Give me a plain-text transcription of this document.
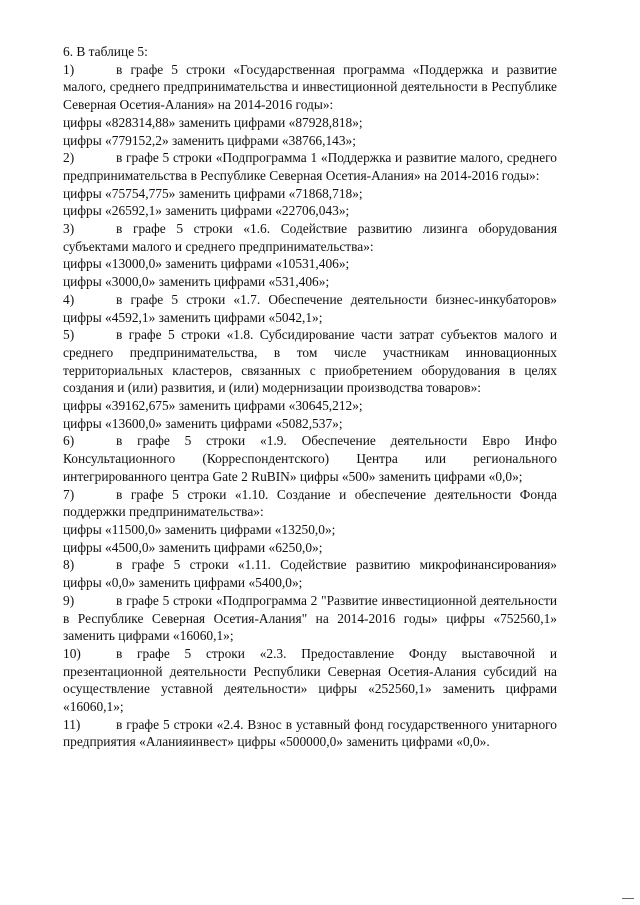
6. В таблице 5:

1)	в графе 5 строки «Государственная программа «Поддержка и развитие малого, среднего предпринимательства и инвестиционной деятельности в Республике Северная Осетия-Алания» на 2014-2016 годы»:

цифры «828314,88» заменить цифрами «87928,818»;

цифры «779152,2» заменить цифрами «38766,143»;

2)	в графе 5 строки «Подпрограмма 1 «Поддержка и развитие малого, среднего предпринимательства в Республике Северная Осетия-Алания» на 2014-2016 годы»:

цифры «75754,775» заменить цифрами «71868,718»;

цифры «26592,1» заменить цифрами «22706,043»;

3)	в графе 5 строки «1.6. Содействие развитию лизинга оборудования субъектами малого и среднего предпринимательства»:

цифры «13000,0» заменить цифрами «10531,406»;

цифры «3000,0» заменить цифрами «531,406»;

4)	в графе 5 строки «1.7. Обеспечение деятельности бизнес-инкубаторов» цифры «4592,1» заменить цифрами «5042,1»;

5)	в графе 5 строки «1.8. Субсидирование части затрат субъектов малого и среднего предпринимательства, в том числе участникам инновационных территориальных кластеров, связанных с приобретением оборудования в целях создания и (или) развития, и (или) модернизации производства товаров»:

цифры «39162,675» заменить цифрами «30645,212»;

цифры «13600,0» заменить цифрами «5082,537»;

6)	в графе 5 строки «1.9. Обеспечение деятельности Евро Инфо Консультационного (Корреспондентского) Центра или регионального интегрированного центра Gate 2 RuBIN» цифры «500» заменить цифрами «0,0»;

7)	в графе 5 строки «1.10. Создание и обеспечение деятельности Фонда поддержки предпринимательства»:

цифры «11500,0» заменить цифрами «13250,0»;

цифры «4500,0» заменить цифрами «6250,0»;

8)	в графе 5 строки «1.11. Содействие развитию микрофинансирования» цифры «0,0» заменить цифрами «5400,0»;

9)	в графе 5 строки «Подпрограмма 2 "Развитие инвестиционной деятельности в Республике Северная Осетия-Алания" на 2014-2016 годы» цифры «752560,1» заменить цифрами «16060,1»;

10)	в графе 5 строки «2.3. Предоставление Фонду выставочной и презентационной деятельности Республики Северная Осетия-Алания субсидий на осуществление уставной деятельности» цифры «252560,1» заменить цифрами «16060,1»;

11)	в графе 5 строки «2.4. Взнос в уставный фонд государственного унитарного предприятия «Аланияинвест» цифры «500000,0» заменить цифрами «0,0».
